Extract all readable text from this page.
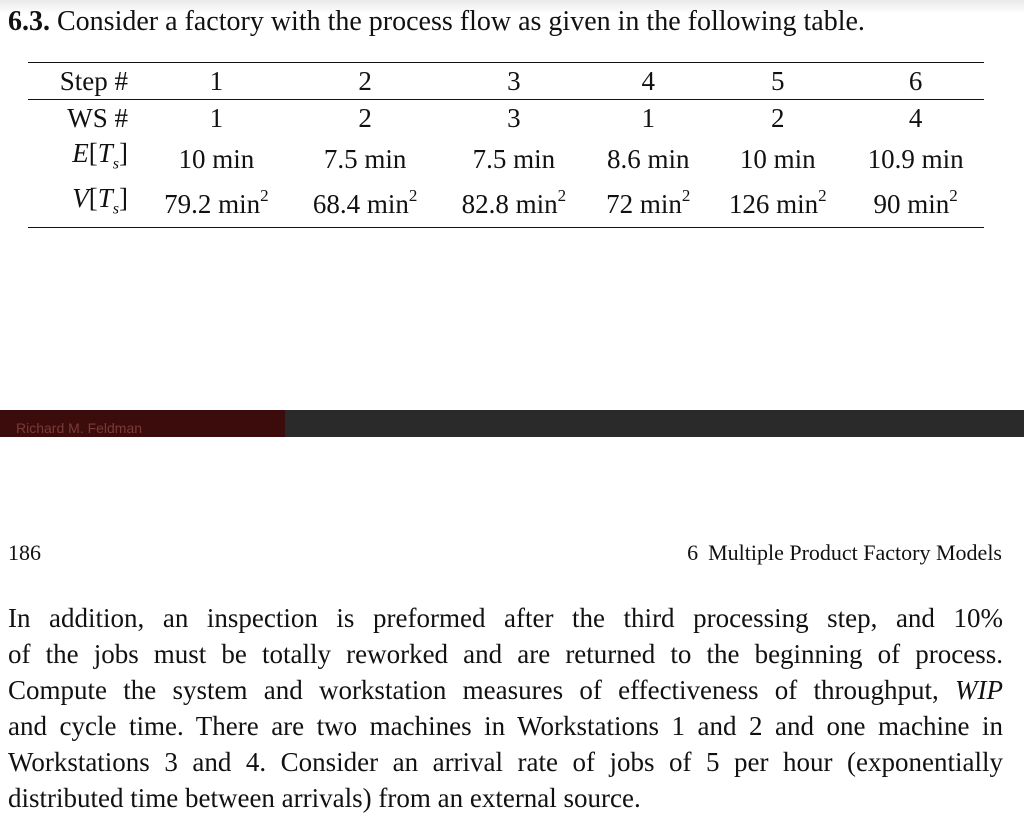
6.3. Consider a factory with the process flow as given in the following table.
Step #	1	2	3	4	5	6
WS #	1	2	3	1	2	4
$E[T_s]$	10 min	7.5 min	7.5 min	8.6 min	10 min	10.9 min
$V[T_s]$	79.2 $\min^2$	68.4 $\min^2$	82.8 $\min^2$	72 $\min^2$	126 $\min^2$	90 $\min^2$
Richard M. Feldman
186	6 Multiple Product Factory Models
In addition, an inspection is preformed after the third processing step, and 10%
of the jobs must be totally reworked and are returned to the beginning of process.
Compute the system and workstation measures of effectiveness of throughput, WIP
and cycle time. There are two machines in Workstations 1 and 2 and one machine in
Workstations 3 and 4. Consider an arrival rate of jobs of 5 per hour (exponentially
distributed time between arrivals) from an external source.
